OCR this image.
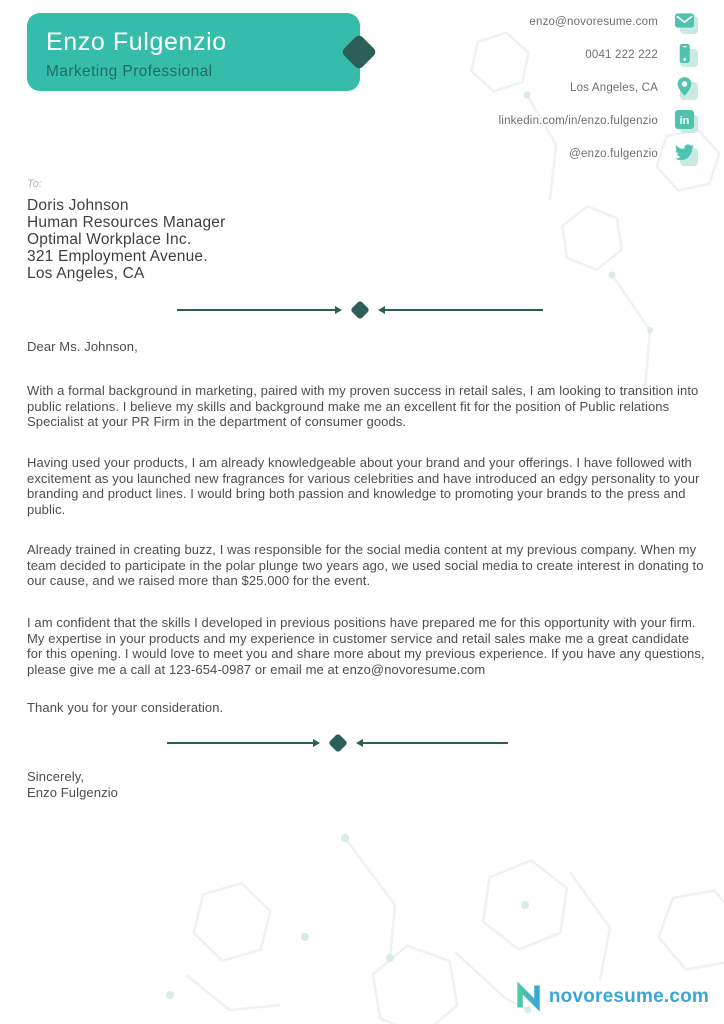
Enzo Fulgenzio
Marketing Professional
enzo@novoresume.com
0041 222 222
Los Angeles, CA
linkedin.com/in/enzo.fulgenzio in
@enzo.fulgenzio
To:
Doris Johnson
Human Resources Manager
Optimal Workplace Inc.
321 Employment Avenue.
Los Angeles, CA
Dear Ms. Johnson,
With a formal background in marketing, paired with my proven success in retail sales, I am looking to transition into public relations. I believe my skills and background make me an excellent fit for the position of Public relations Specialist at your PR Firm in the department of consumer goods.
Having used your products, I am already knowledgeable about your brand and your offerings. I have followed with excitement as you launched new fragrances for various celebrities and have introduced an edgy personality to your branding and product lines. I would bring both passion and knowledge to promoting your brands to the press and public.
Already trained in creating buzz, I was responsible for the social media content at my previous company. When my team decided to participate in the polar plunge two years ago, we used social media to create interest in donating to our cause, and we raised more than $25.000 for the event.
I am confident that the skills I developed in previous positions have prepared me for this opportunity with your firm. My expertise in your products and my experience in customer service and retail sales make me a great candidate for this opening. I would love to meet you and share more about my previous experience. If you have any questions, please give me a call at 123-654-0987 or email me at enzo@novoresume.com
Thank you for your consideration.
Sincerely,
Enzo Fulgenzio
novoresume.com
